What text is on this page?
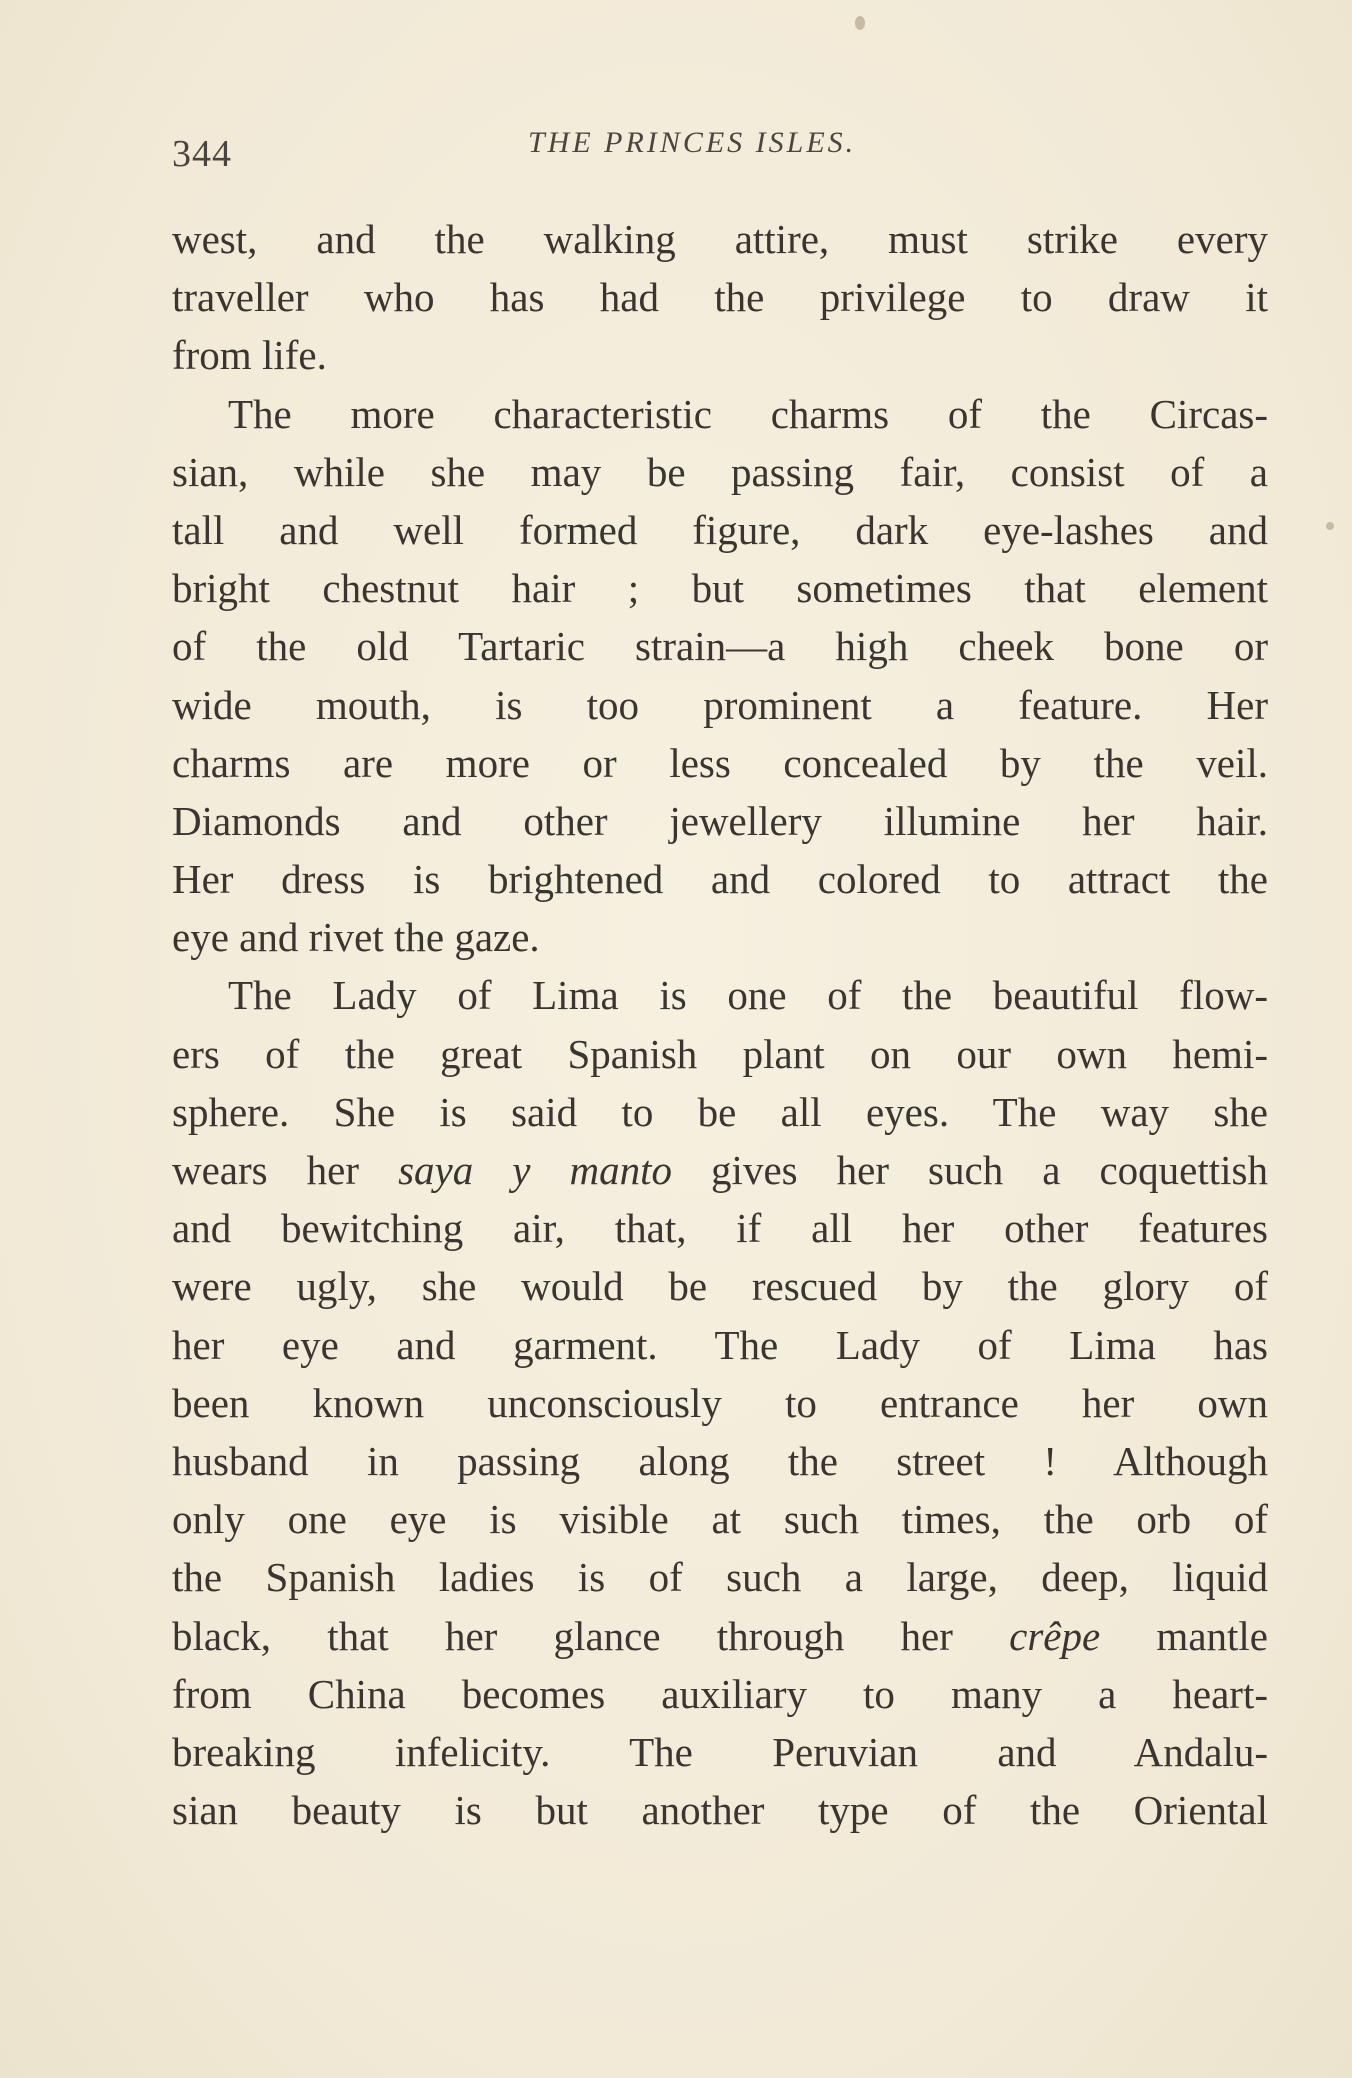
344	THE PRINCES ISLES.
west, and the walking attire, must strike every
traveller who has had the privilege to draw it
from life.
The more characteristic charms of the Circas-
sian, while she may be passing fair, consist of a
tall and well formed figure, dark eye-lashes and
bright chestnut hair ; but sometimes that element
of the old Tartaric strain—a high cheek bone or
wide mouth, is too prominent a feature. Her
charms are more or less concealed by the veil.
Diamonds and other jewellery illumine her hair.
Her dress is brightened and colored to attract the
eye and rivet the gaze.
The Lady of Lima is one of the beautiful flow-
ers of the great Spanish plant on our own hemi-
sphere. She is said to be all eyes. The way she
wears her saya y manto gives her such a coquettish
and bewitching air, that, if all her other features
were ugly, she would be rescued by the glory of
her eye and garment. The Lady of Lima has
been known unconsciously to entrance her own
husband in passing along the street ! Although
only one eye is visible at such times, the orb of
the Spanish ladies is of such a large, deep, liquid
black, that her glance through her crêpe mantle
from China becomes auxiliary to many a heart-
breaking infelicity. The Peruvian and Andalu-
sian beauty is but another type of the Oriental
